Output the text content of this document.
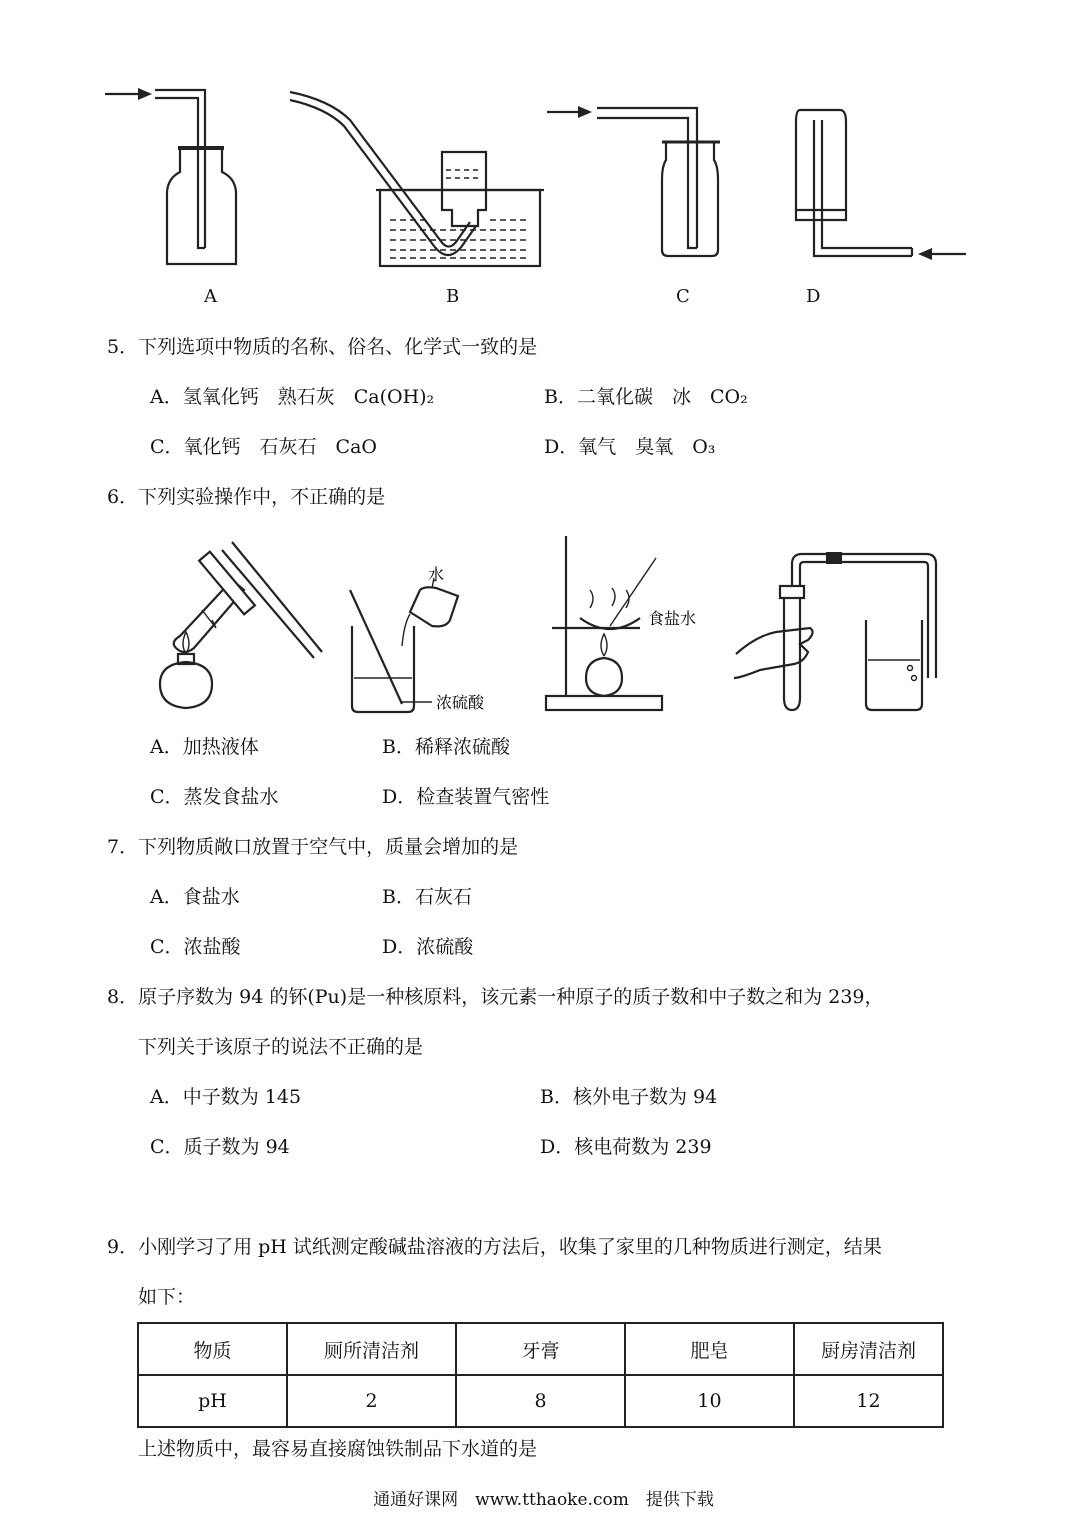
A	B	C	D
5．下列选项中物质的名称、俗名、化学式一致的是
A．氢氧化钙　熟石灰　Ca(OH)₂	B．二氧化碳　冰　CO₂
C．氧化钙　石灰石　CaO	D．氧气　臭氧　O₃
6．下列实验操作中，不正确的是
水
浓硫酸
食盐水
A．加热液体	B．稀释浓硫酸
C．蒸发食盐水	D．检查装置气密性
7．下列物质敞口放置于空气中，质量会增加的是
A．食盐水	B．石灰石
C．浓盐酸	D．浓硫酸
8．原子序数为 94 的钚(Pu)是一种核原料，该元素一种原子的质子数和中子数之和为 239，
下列关于该原子的说法不正确的是
A．中子数为 145	B．核外电子数为 94
C．质子数为 94	D．核电荷数为 239
9．小刚学习了用 pH 试纸测定酸碱盐溶液的方法后，收集了家里的几种物质进行测定，结果
如下：
物质	厕所清洁剂	牙膏	肥皂	厨房清洁剂
pH	2	8	10	12
上述物质中，最容易直接腐蚀铁制品下水道的是
通通好课网　www.tthaoke.com　提供下载
